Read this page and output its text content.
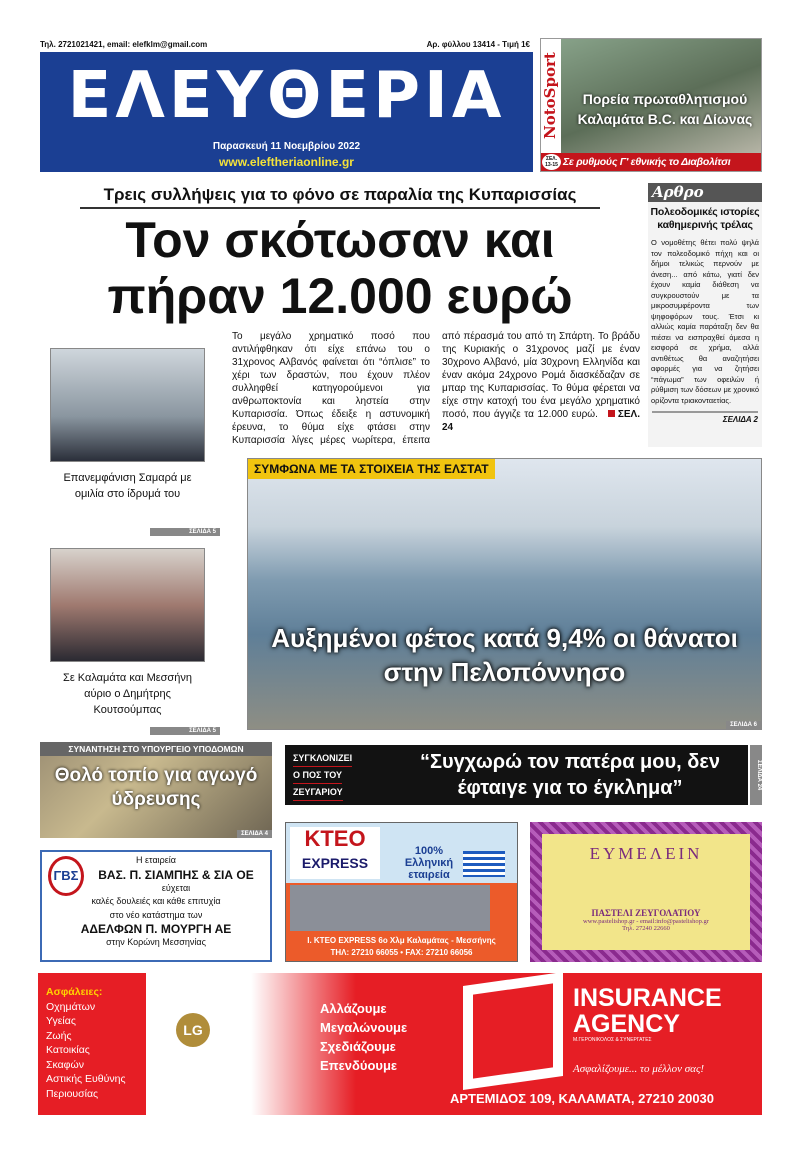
Τηλ. 2721021421, email: elefklm@gmail.com	Αρ. φύλλου 13414 - Τιμή 1€
ΕΛΕΥΘΕΡΙΑ
Παρασκευή 11 Νοεμβρίου 2022
www.eleftheriaonline.gr
NotoSport	Πορεία πρωταθλητισμού Καλαμάτα Β.C. και Δίωνας
ΣΕΛ. 13-15 Σε ρυθμούς Γ' εθνικής το Διαβολίτσι
Τρεις συλλήψεις για το φόνο σε παραλία της Κυπαρισσίας
Τον σκότωσαν και πήραν 12.000 ευρώ
Αρθρο
Πολεοδομικές ιστορίες καθημερινής τρέλας
Ο νομοθέτης θέτει πολύ ψηλά τον πολεοδομικό πήχη και οι δήμοι τελικώς περνούν με άνεση... από κάτω, γιατί δεν έχουν καμία διάθεση να συγκρουστούν με τα μικροσυμφέροντα των ψηφοφόρων τους. Έτσι κι αλλιώς καμία παράταξη δεν θα πιέσει να εισπραχθεί άμεσα η εισφορά σε χρήμα, αλλά αντιθέτως θα αναζητήσει αφορμές για να ζητήσει “πάγωμα” των οφειλών ή ρύθμιση των δόσεων με χρονικό ορίζοντα τριακονταετίας.
ΣΕΛΙΔΑ 2
Επανεμφάνιση Σαμαρά με ομιλία στο ίδρυμά του
ΣΕΛΙΔΑ 5
Σε Καλαμάτα και Μεσσήνη αύριο ο Δημήτρης Κουτσούμπας
ΣΕΛΙΔΑ 5
Το μεγάλο χρηματικό ποσό που αντιλήφθηκαν ότι είχε επάνω του ο 31χρονος Αλβανός φαίνεται ότι “όπλισε” το χέρι των δραστών, που έχουν πλέον συλληφθεί κατηγορούμενοι για ανθρωποκτονία και ληστεία στην Κυπαρισσία. Όπως έδειξε η αστυνομική έρευνα, το θύμα είχε φτάσει στην Κυπαρισσία λίγες μέρες νωρίτερα, έπειτα από πέρασμά του από τη Σπάρτη. Το βράδυ της Κυριακής ο 31χρονος μαζί με έναν 30χρονο Αλβανό, μία 30χρονη Ελληνίδα και έναν ακόμα 24χρονο Ρομά διασκέδαζαν σε μπαρ της Κυπαρισσίας. Το θύμα φέρεται να είχε στην κατοχή του ένα μεγάλο χρηματικό ποσό, που άγγιζε τα 12.000 ευρώ. ΣΕΛ. 24
ΣΥΜΦΩΝΑ ΜΕ ΤΑ ΣΤΟΙΧΕΙΑ ΤΗΣ ΕΛΣΤΑΤ
Αυξημένοι φέτος κατά 9,4% οι θάνατοι στην Πελοπόννησο
ΣΕΛΙΔΑ 6
ΣΥΝΑΝΤΗΣΗ ΣΤΟ ΥΠΟΥΡΓΕΙΟ ΥΠΟΔΟΜΩΝ
Θολό τοπίο για αγωγό ύδρευσης
ΣΕΛΙΔΑ 4
ΣΥΓΚΛΟΝΙΖΕΙ
Ο ΠΟΣ ΤΟΥ
ΖΕΥΓΑΡΙΟΥ
“Συγχωρώ τον πατέρα μου, δεν έφταιγε για το έγκλημα”	ΣΕΛΙΔΑ 24
ΓΒΣ
Η εταιρεία
ΒΑΣ. Π. ΣΙΑΜΠΗΣ & ΣΙΑ ΟΕ
εύχεται
καλές δουλειές και κάθε επιτυχία
στο νέο κατάστημα των
ΑΔΕΛΦΩΝ Π. ΜΟΥΡΓΗ ΑΕ
στην Κορώνη Μεσσηνίας
KTEO
EXPRESS
100%
Ελληνική εταιρεία
I. KTEO EXPRESS 6ο Χλμ Καλαμάτας - Μεσσήνης
ΤΗΛ: 27210 66055 • FAX: 27210 66056
ΕΥΜΕΛΕΙΝ
ΠΑΣΤΕΛΙ ΖΕΥΓΟΛΑΤΙΟΥ
www.pastelishop.gr - email:info@pastelishop.gr
Τηλ. 27240 22660
Ασφάλειες:
Οχημάτων
Υγείας
Ζωής
Κατοικίας
Σκαφών
Αστικής Ευθύνης
Περιουσίας
LG
Αλλάζουμε
Μεγαλώνουμε
Σχεδιάζουμε
Επενδύουμε
INSURANCE
AGENCY
Μ.ΓΕΡΟΝΙΚΟΛΟΣ & ΣΥΝΕΡΓΑΤΕΣ
Ασφαλίζουμε... το μέλλον σας!
ΑΡΤΕΜΙΔΟΣ 109, ΚΑΛΑΜΑΤΑ, 27210 20030
